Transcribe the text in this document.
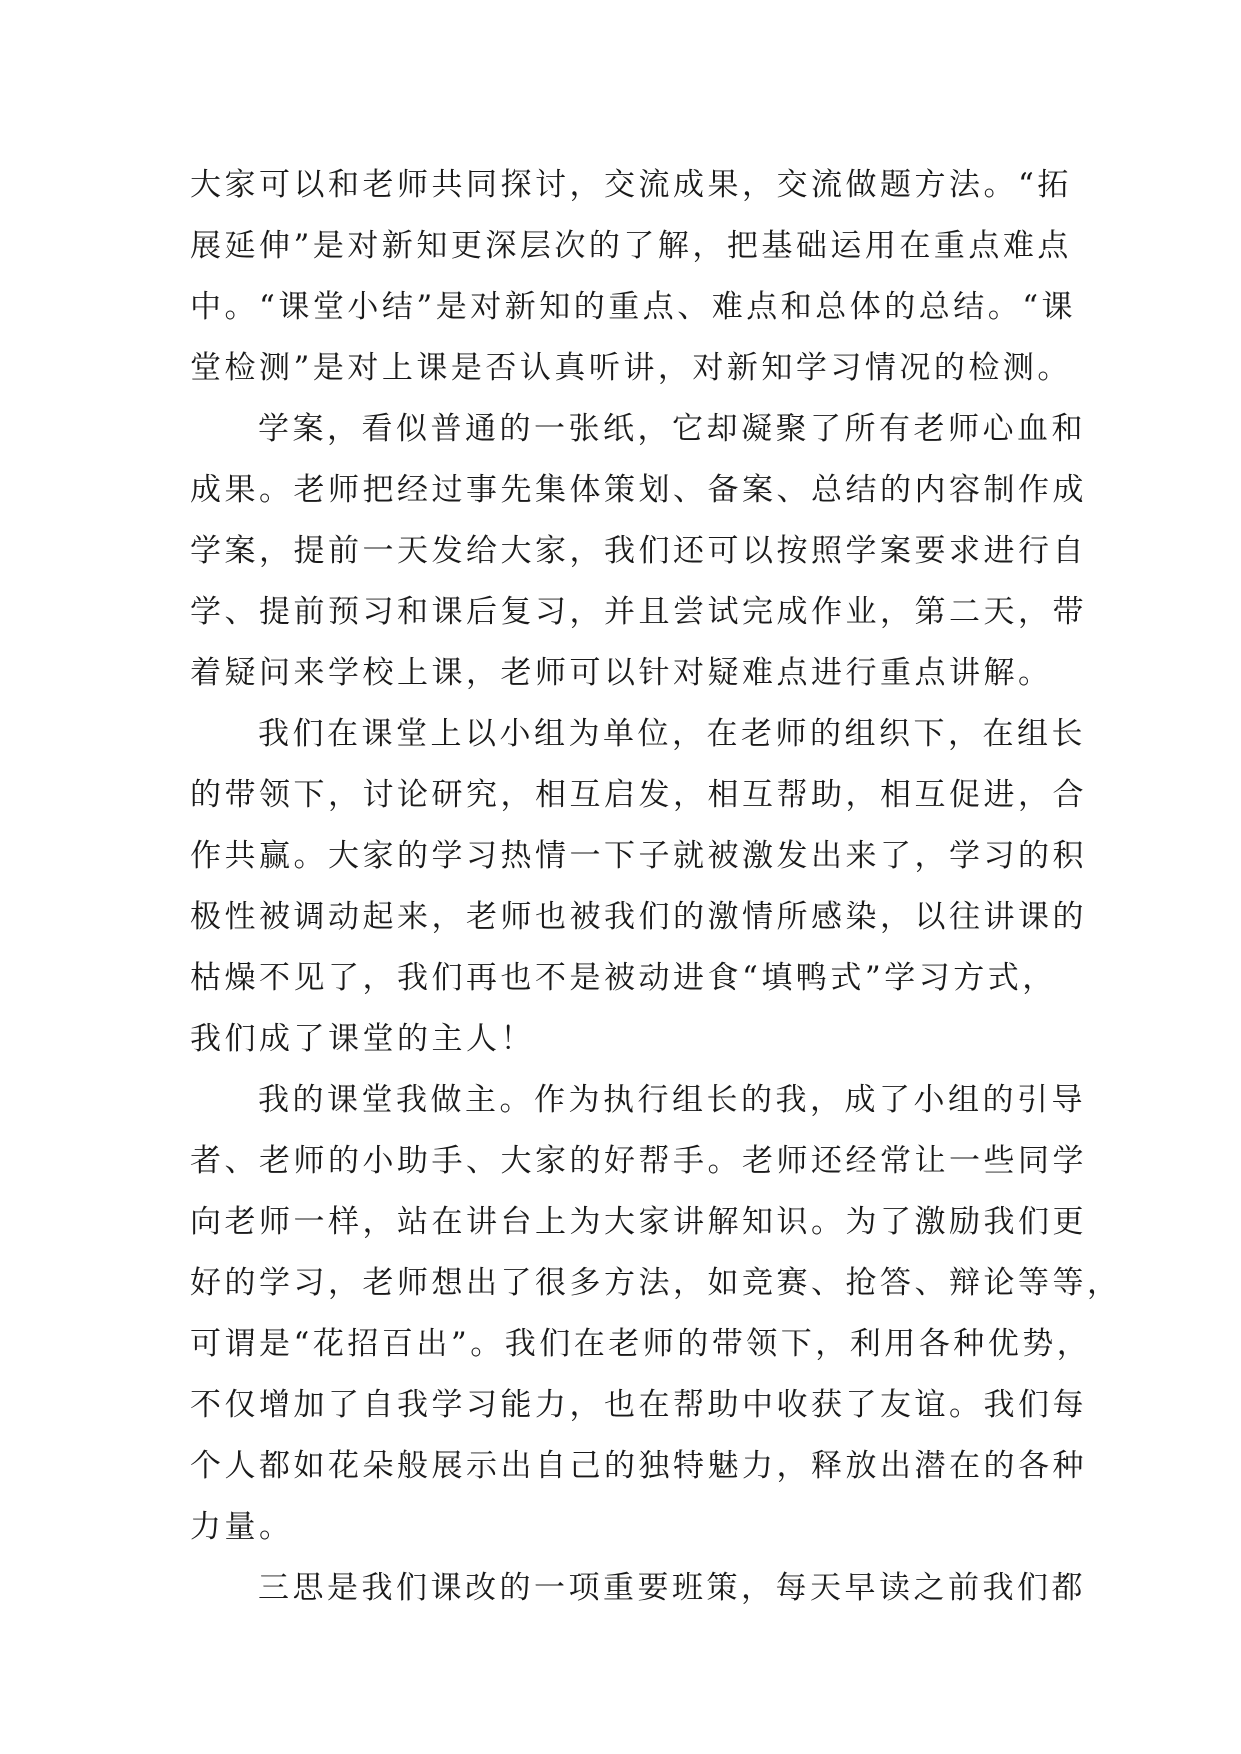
大家可以和老师共同探讨，交流成果，交流做题方法。“拓
展延伸”是对新知更深层次的了解，把基础运用在重点难点
中。“课堂小结”是对新知的重点、难点和总体的总结。“课
堂检测”是对上课是否认真听讲，对新知学习情况的检测。

学案，看似普通的一张纸，它却凝聚了所有老师心血和
成果。老师把经过事先集体策划、备案、总结的内容制作成
学案，提前一天发给大家，我们还可以按照学案要求进行自
学、提前预习和课后复习，并且尝试完成作业，第二天，带
着疑问来学校上课，老师可以针对疑难点进行重点讲解。

我们在课堂上以小组为单位，在老师的组织下，在组长
的带领下，讨论研究，相互启发，相互帮助，相互促进，合
作共赢。大家的学习热情一下子就被激发出来了，学习的积
极性被调动起来，老师也被我们的激情所感染，以往讲课的
枯燥不见了，我们再也不是被动进食“填鸭式”学习方式，
我们成了课堂的主人！

我的课堂我做主。作为执行组长的我，成了小组的引导
者、老师的小助手、大家的好帮手。老师还经常让一些同学
向老师一样，站在讲台上为大家讲解知识。为了激励我们更
好的学习，老师想出了很多方法，如竞赛、抢答、辩论等等，
可谓是“花招百出”。我们在老师的带领下，利用各种优势，
不仅增加了自我学习能力，也在帮助中收获了友谊。我们每
个人都如花朵般展示出自己的独特魅力，释放出潜在的各种
力量。

三思是我们课改的一项重要班策，每天早读之前我们都
